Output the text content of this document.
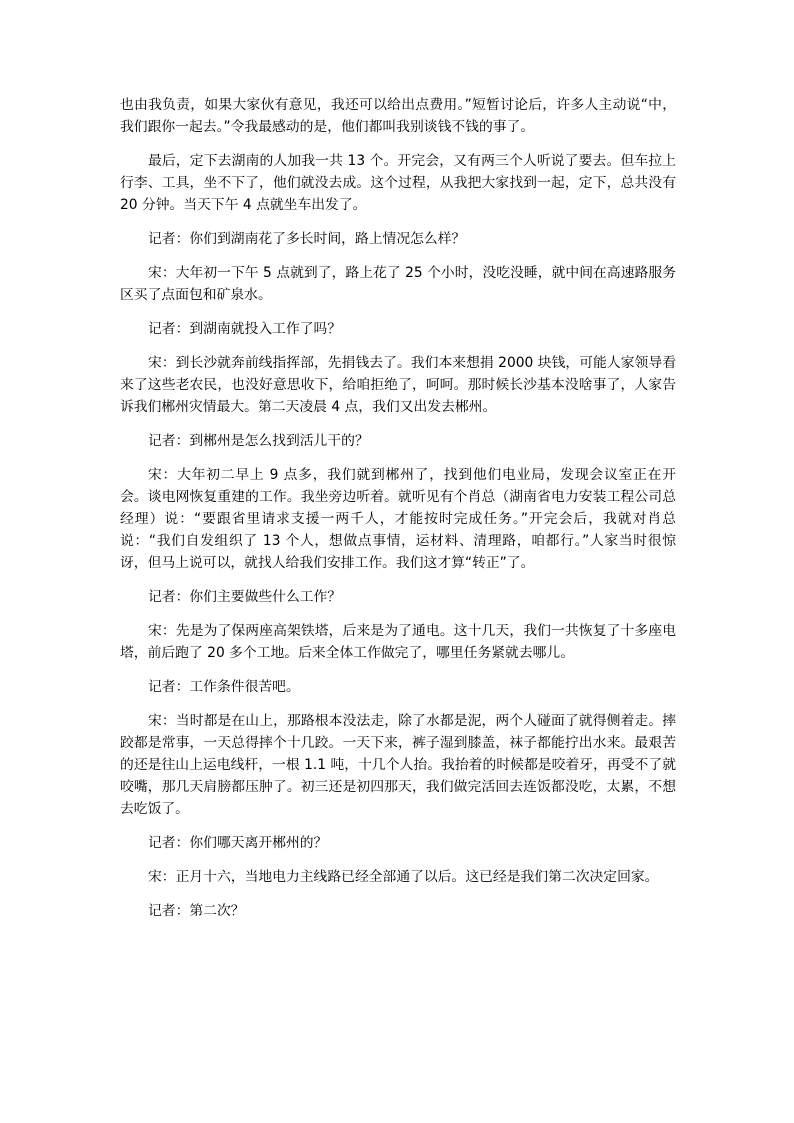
也由我负责，如果大家伙有意见，我还可以给出点费用。”短暂讨论后，许多人主动说“中，我们跟你一起去。”令我最感动的是，他们都叫我别谈钱不钱的事了。

最后，定下去湖南的人加我一共 13 个。开完会，又有两三个人听说了要去。但车拉上行李、工具，坐不下了，他们就没去成。这个过程，从我把大家找到一起，定下，总共没有 20 分钟。当天下午 4 点就坐车出发了。

记者：你们到湖南花了多长时间，路上情况怎么样？

宋：大年初一下午 5 点就到了，路上花了 25 个小时，没吃没睡，就中间在高速路服务区买了点面包和矿泉水。

记者：到湖南就投入工作了吗？

宋：到长沙就奔前线指挥部，先捐钱去了。我们本来想捐 2000 块钱，可能人家领导看来了这些老农民，也没好意思收下，给咱拒绝了，呵呵。那时候长沙基本没啥事了，人家告诉我们郴州灾情最大。第二天凌晨 4 点，我们又出发去郴州。

记者：到郴州是怎么找到活儿干的？

宋：大年初二早上 9 点多，我们就到郴州了，找到他们电业局，发现会议室正在开会。谈电网恢复重建的工作。我坐旁边听着。就听见有个肖总（湖南省电力安装工程公司总经理）说：“要跟省里请求支援一两千人，才能按时完成任务。”开完会后，我就对肖总说：“我们自发组织了 13 个人，想做点事情，运材料、清理路，咱都行。”人家当时很惊讶，但马上说可以，就找人给我们安排工作。我们这才算“转正”了。

记者：你们主要做些什么工作？

宋：先是为了保两座高架铁塔，后来是为了通电。这十几天，我们一共恢复了十多座电塔，前后跑了 20 多个工地。后来全体工作做完了，哪里任务紧就去哪儿。

记者：工作条件很苦吧。

宋：当时都是在山上，那路根本没法走，除了水都是泥，两个人碰面了就得侧着走。摔跤都是常事，一天总得摔个十几跤。一天下来，裤子湿到膝盖，袜子都能拧出水来。最艰苦的还是往山上运电线杆，一根 1.1 吨，十几个人抬。我抬着的时候都是咬着牙，再受不了就咬嘴，那几天肩膀都压肿了。初三还是初四那天，我们做完活回去连饭都没吃，太累，不想去吃饭了。

记者：你们哪天离开郴州的？

宋：正月十六，当地电力主线路已经全部通了以后。这已经是我们第二次决定回家。

记者：第二次？
